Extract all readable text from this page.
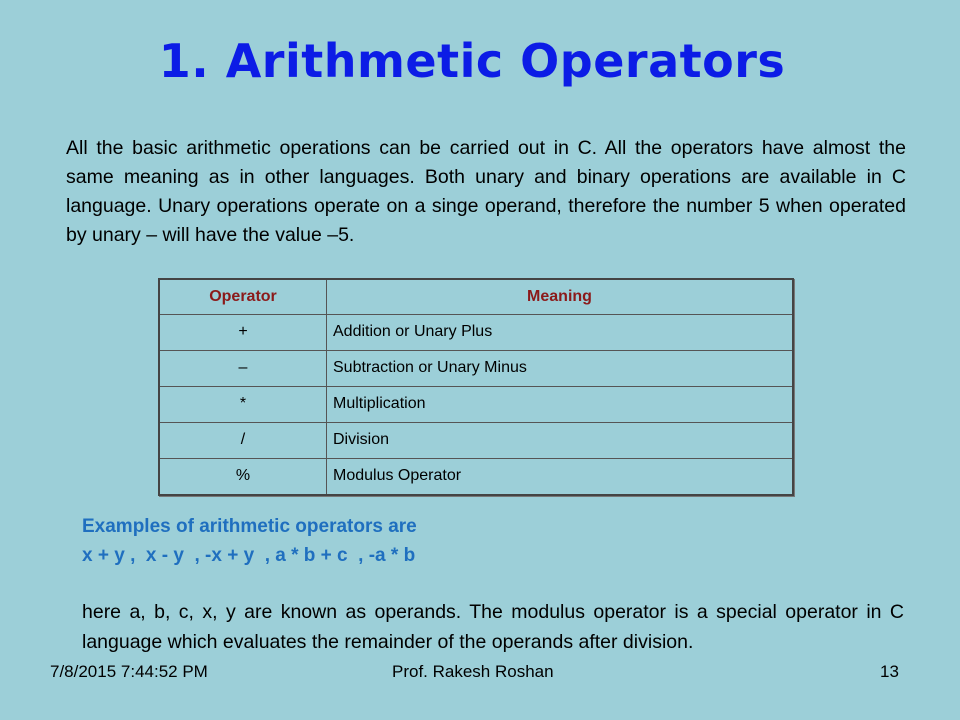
1. Arithmetic Operators

All the basic arithmetic operations can be carried out in C. All the operators have almost the same meaning as in other languages. Both unary and binary operations are available in C language. Unary operations operate on a singe operand, therefore the number 5 when operated by unary – will have the value –5.

Operator	Meaning
+	Addition or Unary Plus
–	Subtraction or Unary Minus
*	Multiplication
/	Division
%	Modulus Operator
Examples of arithmetic operators are
x + y ,  x - y  , -x + y  , a * b + c  , -a * b

here a, b, c, x, y are known as operands. The modulus operator is a special operator in C language which evaluates the remainder of the operands after division.

7/8/2015 7:44:52 PM	Prof. Rakesh Roshan	13
